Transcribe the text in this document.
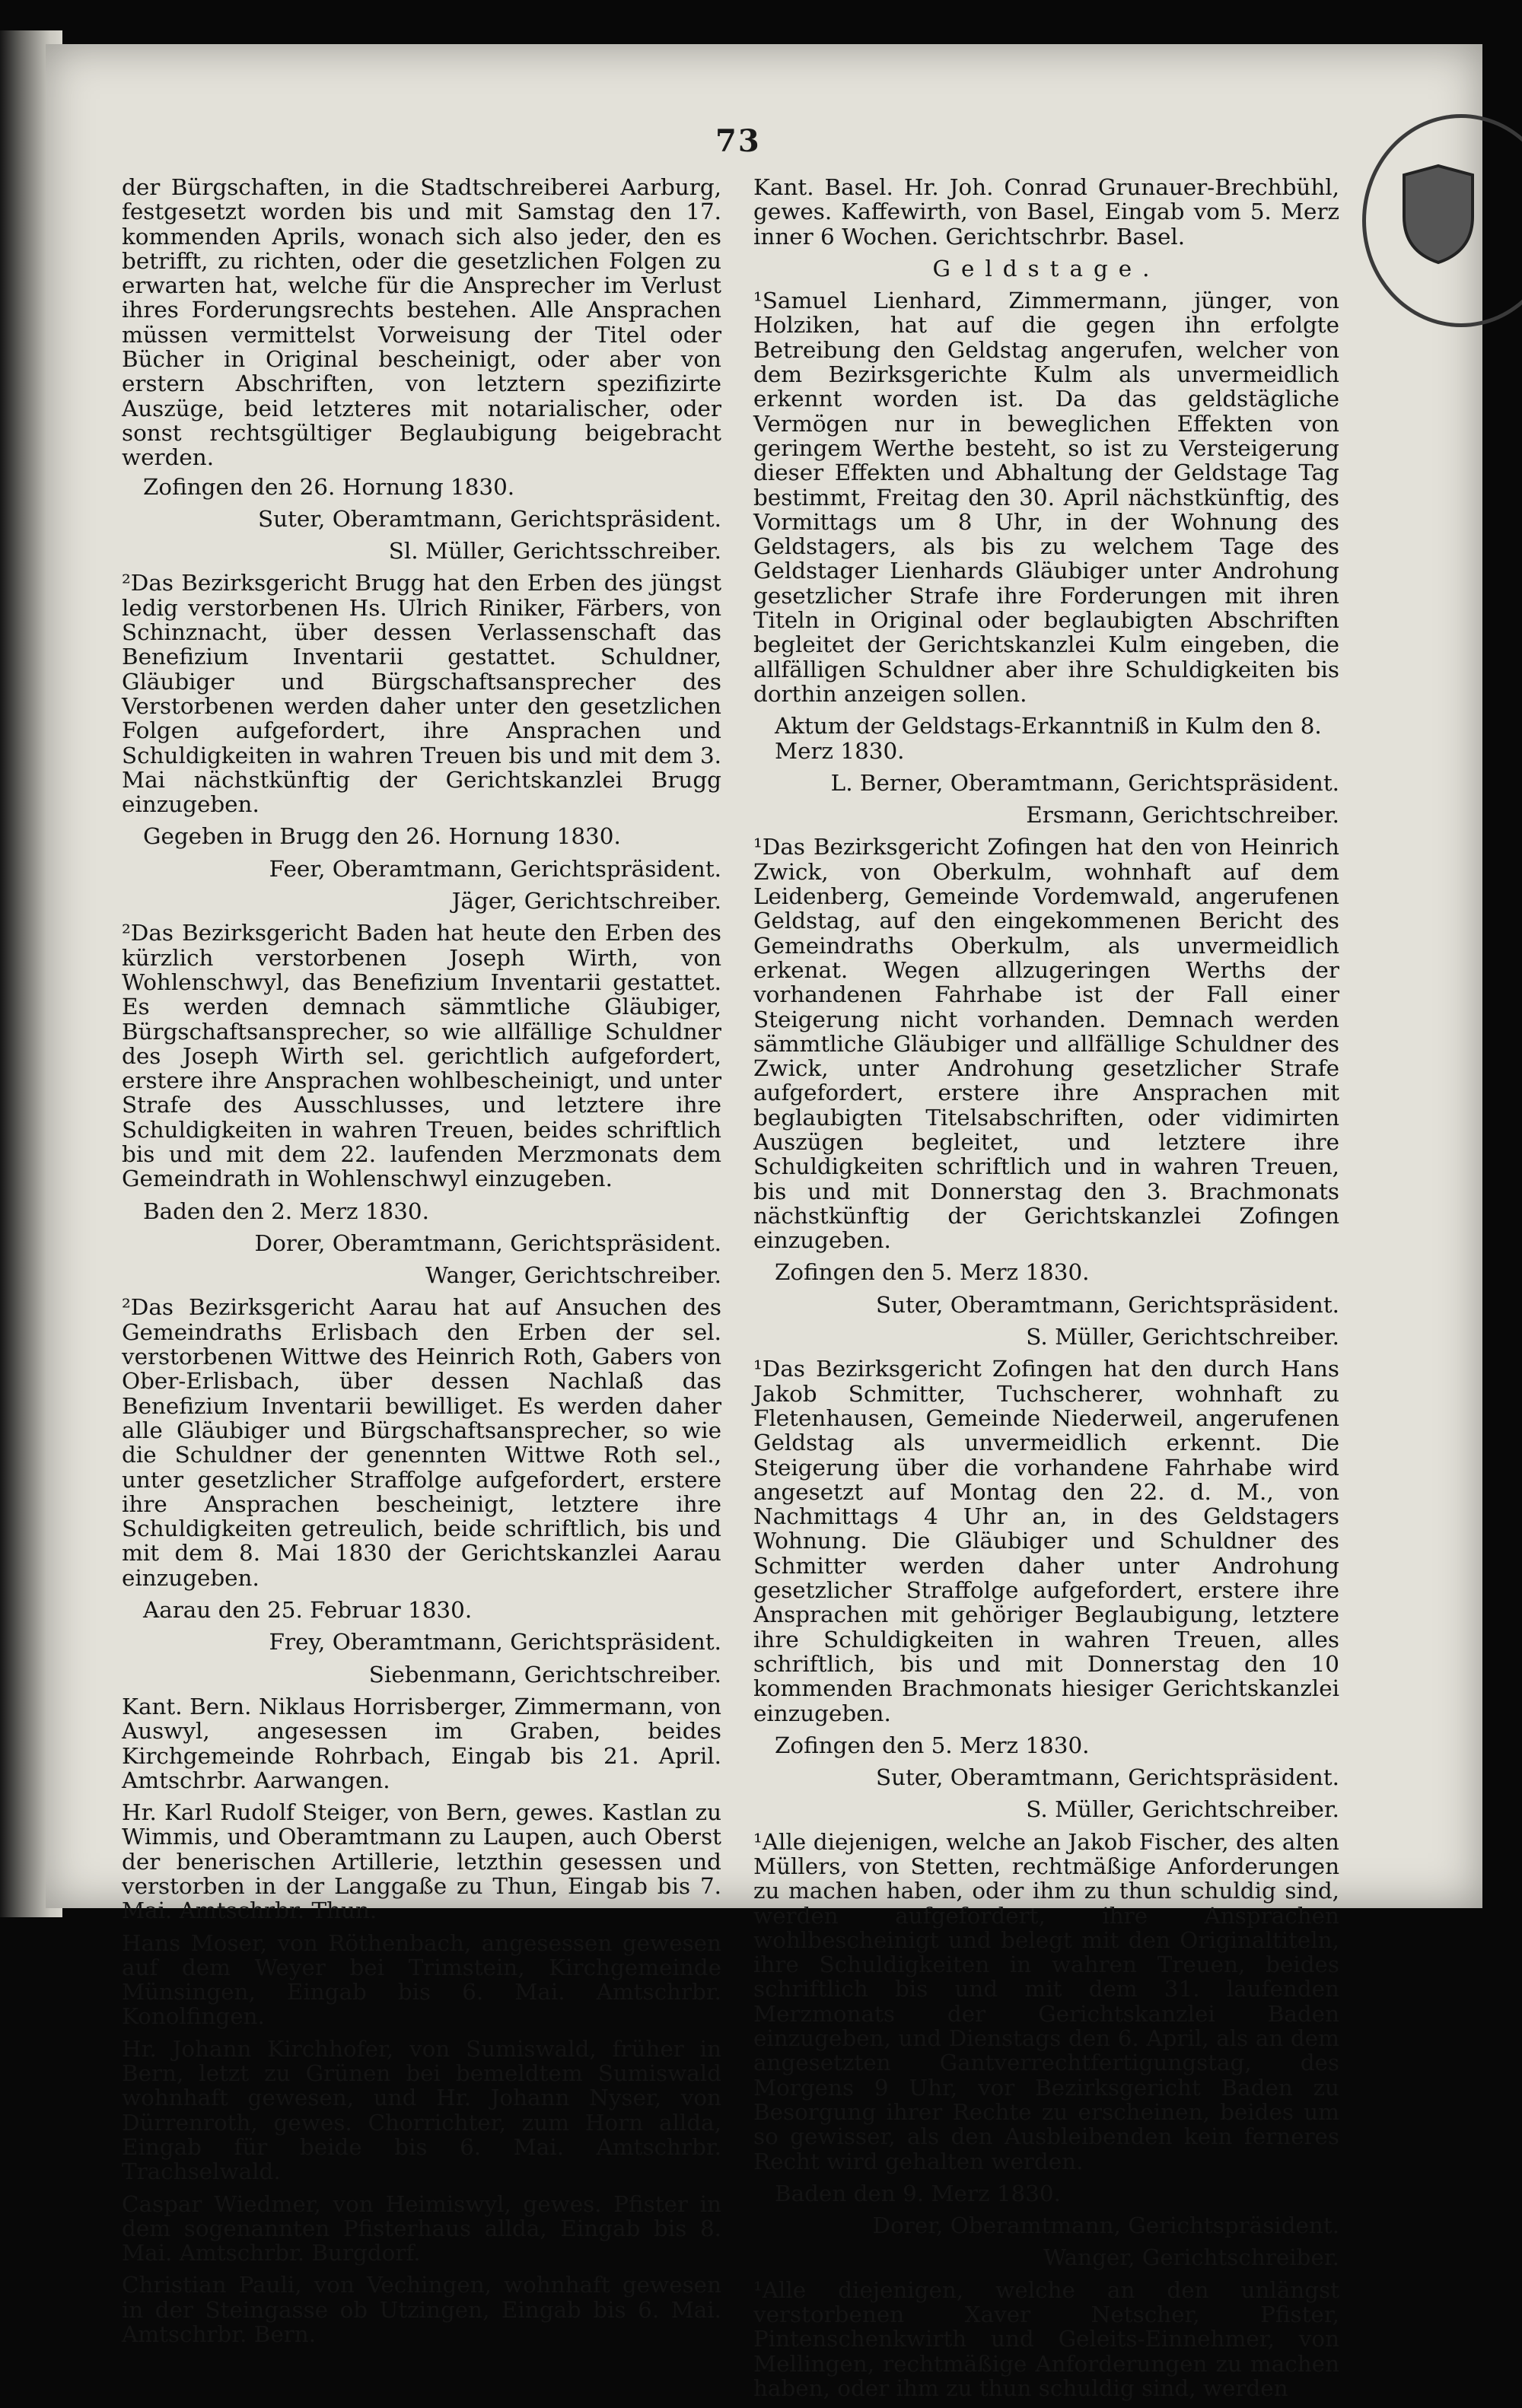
73

der Bürgschaften, in die Stadtschreiberei Aarburg, festgesetzt worden bis und mit Samstag den 17. kommenden Aprils, wonach sich also jeder, den es betrifft, zu richten, oder die gesetzlichen Folgen zu erwarten hat, welche für die Ansprecher im Verlust ihres Forderungsrechts bestehen. Alle Ansprachen müssen vermittelst Vorweisung der Titel oder Bücher in Original bescheinigt, oder aber von erstern Abschriften, von letztern spezifizirte Auszüge, beid letzteres mit notarialischer, oder sonst rechtsgültiger Beglaubigung beigebracht werden.

Zofingen den 26. Hornung 1830.

Suter, Oberamtmann, Gerichtspräsident.

Sl. Müller, Gerichtsschreiber.

²Das Bezirksgericht Brugg hat den Erben des jüngst ledig verstorbenen Hs. Ulrich Riniker, Färbers, von Schinznacht, über dessen Verlassenschaft das Benefizium Inventarii gestattet. Schuldner, Gläubiger und Bürgschaftsansprecher des Verstorbenen werden daher unter den gesetzlichen Folgen aufgefordert, ihre Ansprachen und Schuldigkeiten in wahren Treuen bis und mit dem 3. Mai nächstkünftig der Gerichtskanzlei Brugg einzugeben.

Gegeben in Brugg den 26. Hornung 1830.

Feer, Oberamtmann, Gerichtspräsident.

Jäger, Gerichtschreiber.

²Das Bezirksgericht Baden hat heute den Erben des kürzlich verstorbenen Joseph Wirth, von Wohlenschwyl, das Benefizium Inventarii gestattet. Es werden demnach sämmtliche Gläubiger, Bürgschaftsansprecher, so wie allfällige Schuldner des Joseph Wirth sel. gerichtlich aufgefordert, erstere ihre Ansprachen wohlbescheinigt, und unter Strafe des Ausschlusses, und letztere ihre Schuldigkeiten in wahren Treuen, beides schriftlich bis und mit dem 22. laufenden Merzmonats dem Gemeindrath in Wohlenschwyl einzugeben.

Baden den 2. Merz 1830.

Dorer, Oberamtmann, Gerichtspräsident.

Wanger, Gerichtschreiber.

²Das Bezirksgericht Aarau hat auf Ansuchen des Gemeindraths Erlisbach den Erben der sel. verstorbenen Wittwe des Heinrich Roth, Gabers von Ober-Erlisbach, über dessen Nachlaß das Benefizium Inventarii bewilliget. Es werden daher alle Gläubiger und Bürgschaftsansprecher, so wie die Schuldner der genennten Wittwe Roth sel., unter gesetzlicher Straffolge aufgefordert, erstere ihre Ansprachen bescheinigt, letztere ihre Schuldigkeiten getreulich, beide schriftlich, bis und mit dem 8. Mai 1830 der Gerichtskanzlei Aarau einzugeben.

Aarau den 25. Februar 1830.

Frey, Oberamtmann, Gerichtspräsident.

Siebenmann, Gerichtschreiber.

Kant. Bern. Niklaus Horrisberger, Zimmermann, von Auswyl, angesessen im Graben, beides Kirchgemeinde Rohrbach, Eingab bis 21. April. Amtschrbr. Aarwangen.

Hr. Karl Rudolf Steiger, von Bern, gewes. Kastlan zu Wimmis, und Oberamtmann zu Laupen, auch Oberst der benerischen Artillerie, letzthin gesessen und verstorben in der Langgaße zu Thun, Eingab bis 7. Mai. Amtschrbr. Thun.

Hans Moser, von Röthenbach, angesessen gewesen auf dem Weyer bei Trimstein, Kirchgemeinde Münsingen, Eingab bis 6. Mai. Amtschrbr. Konolfingen.

Hr. Johann Kirchhofer, von Sumiswald, früher in Bern, letzt zu Grünen bei bemeldtem Sumiswald wohnhaft gewesen, und Hr. Johann Nyser, von Dürrenroth, gewes. Chorrichter, zum Horn allda, Eingab für beide bis 6. Mai. Amtschrbr. Trachselwald.

Caspar Wiedmer, von Heimiswyl, gewes. Pfister in dem sogenannten Pfisterhaus allda, Eingab bis 8. Mai. Amtschrbr. Burgdorf.

Christian Pauli, von Vechingen, wohnhaft gewesen in der Steingasse ob Utzingen, Eingab bis 6. Mai. Amtschrbr. Bern.

Kant. Basel. Hr. Joh. Conrad Grunauer-Brechbühl, gewes. Kaffewirth, von Basel, Eingab vom 5. Merz inner 6 Wochen. Gerichtschrbr. Basel.

Geldstage.

¹Samuel Lienhard, Zimmermann, jünger, von Holziken, hat auf die gegen ihn erfolgte Betreibung den Geldstag angerufen, welcher von dem Bezirksgerichte Kulm als unvermeidlich erkennt worden ist. Da das geldstägliche Vermögen nur in beweglichen Effekten von geringem Werthe besteht, so ist zu Versteigerung dieser Effekten und Abhaltung der Geldstage Tag bestimmt, Freitag den 30. April nächstkünftig, des Vormittags um 8 Uhr, in der Wohnung des Geldstagers, als bis zu welchem Tage des Geldstager Lienhards Gläubiger unter Androhung gesetzlicher Strafe ihre Forderungen mit ihren Titeln in Original oder beglaubigten Abschriften begleitet der Gerichtskanzlei Kulm eingeben, die allfälligen Schuldner aber ihre Schuldigkeiten bis dorthin anzeigen sollen.

Aktum der Geldstags-Erkanntniß in Kulm den 8. Merz 1830.

L. Berner, Oberamtmann, Gerichtspräsident.

Ersmann, Gerichtschreiber.

¹Das Bezirksgericht Zofingen hat den von Heinrich Zwick, von Oberkulm, wohnhaft auf dem Leidenberg, Gemeinde Vordemwald, angerufenen Geldstag, auf den eingekommenen Bericht des Gemeindraths Oberkulm, als unvermeidlich erkenat. Wegen allzugeringen Werths der vorhandenen Fahrhabe ist der Fall einer Steigerung nicht vorhanden. Demnach werden sämmtliche Gläubiger und allfällige Schuldner des Zwick, unter Androhung gesetzlicher Strafe aufgefordert, erstere ihre Ansprachen mit beglaubigten Titelsabschriften, oder vidimirten Auszügen begleitet, und letztere ihre Schuldigkeiten schriftlich und in wahren Treuen, bis und mit Donnerstag den 3. Brachmonats nächstkünftig der Gerichtskanzlei Zofingen einzugeben.

Zofingen den 5. Merz 1830.

Suter, Oberamtmann, Gerichtspräsident.

S. Müller, Gerichtschreiber.

¹Das Bezirksgericht Zofingen hat den durch Hans Jakob Schmitter, Tuchscherer, wohnhaft zu Fletenhausen, Gemeinde Niederweil, angerufenen Geldstag als unvermeidlich erkennt. Die Steigerung über die vorhandene Fahrhabe wird angesetzt auf Montag den 22. d. M., von Nachmittags 4 Uhr an, in des Geldstagers Wohnung. Die Gläubiger und Schuldner des Schmitter werden daher unter Androhung gesetzlicher Straffolge aufgefordert, erstere ihre Ansprachen mit gehöriger Beglaubigung, letztere ihre Schuldigkeiten in wahren Treuen, alles schriftlich, bis und mit Donnerstag den 10 kommenden Brachmonats hiesiger Gerichtskanzlei einzugeben.

Zofingen den 5. Merz 1830.

Suter, Oberamtmann, Gerichtspräsident.

S. Müller, Gerichtschreiber.

¹Alle diejenigen, welche an Jakob Fischer, des alten Müllers, von Stetten, rechtmäßige Anforderungen zu machen haben, oder ihm zu thun schuldig sind, werden aufgefordert, ihre Ansprachen wohlbescheinigt und belegt mit den Originaltiteln, ihre Schuldigkeiten in wahren Treuen, beides schriftlich bis und mit dem 31. laufenden Merzmonats der Gerichtskanzlei Baden einzugeben, und Dienstags den 6. April, als an dem angesetzten Gantverrechtfertigungstag, des Morgens 9 Uhr, vor Bezirksgericht Baden zu Besorgung ihrer Rechte zu erscheinen, beides um so gewisser, als den Ausbleibenden kein ferneres Recht wird gehalten werden.

Baden den 9. Merz 1830.

Dorer, Oberamtmann, Gerichtspräsident.

Wanger, Gerichtschreiber.

¹Alle diejenigen, welche an den unlängst verstorbenen Xaver Netscher, Pfister, Pintenschenkwirth und Geleits-Einnehmer, von Mellingen, rechtmäßige Anforderungen zu machen haben, oder ihm zu thun schuldig sind, werden
